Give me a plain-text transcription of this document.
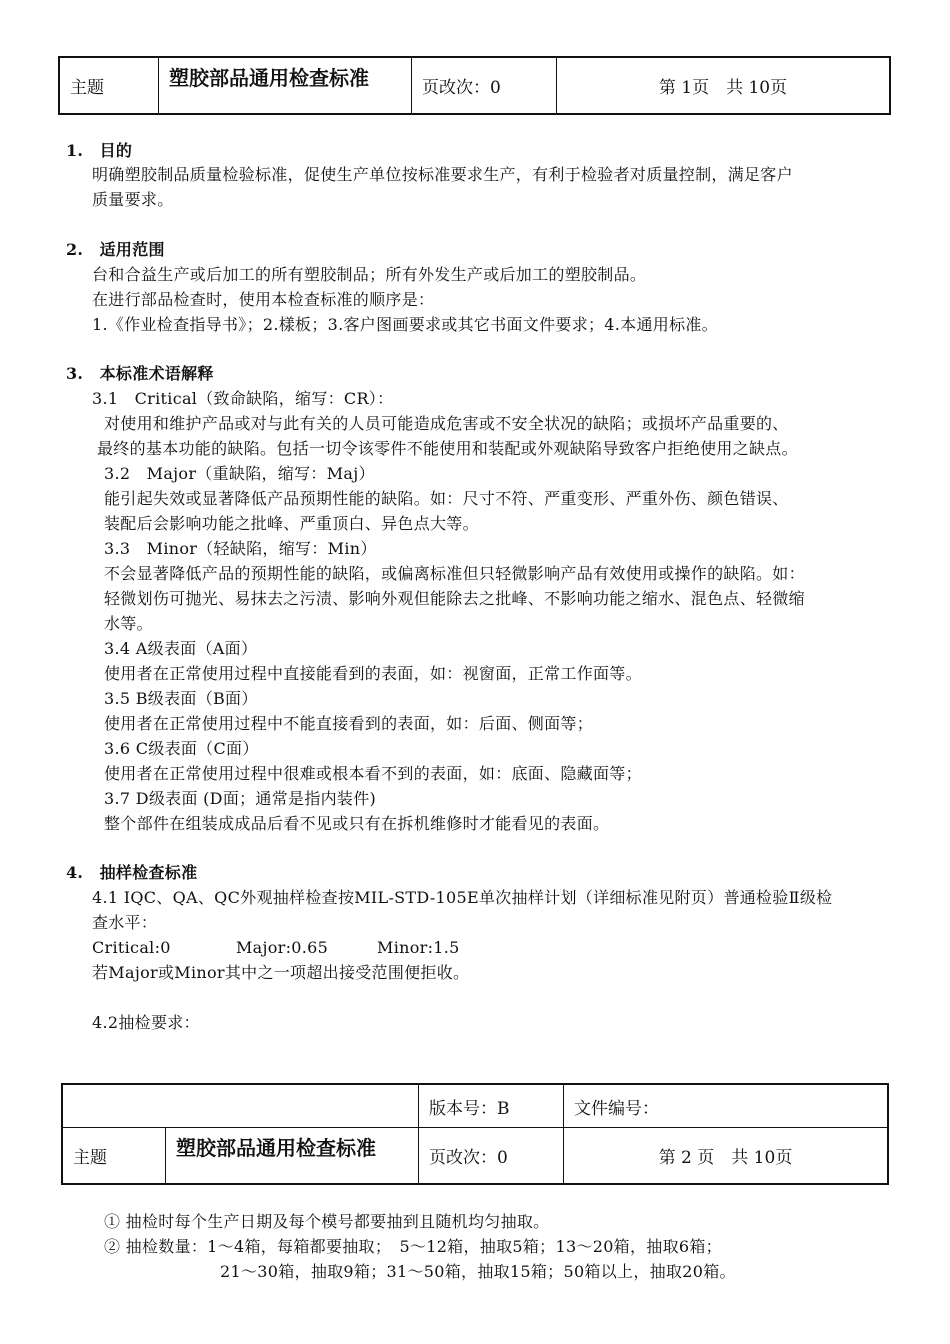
主题	塑胶部品通用检查标准	页改次：0	第 1页　共 10页
1.　目的
明确塑胶制品质量检验标准，促使生产单位按标准要求生产，有利于检验者对质量控制，满足客户
质量要求。
2.　适用范围
台和合益生产或后加工的所有塑胶制品；所有外发生产或后加工的塑胶制品。
在进行部品检查时，使用本检查标准的顺序是：
1.《作业检查指导书》；2.樣板；3.客户图画要求或其它书面文件要求；4.本通用标准。
3.　本标准术语解释
3.1　Critical（致命缺陷，缩写：CR）：
对使用和维护产品或对与此有关的人员可能造成危害或不安全状况的缺陷；或损坏产品重要的、
最终的基本功能的缺陷。包括一切令该零件不能使用和装配或外观缺陷导致客户拒绝使用之缺点。
3.2　Major（重缺陷，缩写：Maj）
能引起失效或显著降低产品预期性能的缺陷。如：尺寸不符、严重变形、严重外伤、颜色错误、
装配后会影响功能之批峰、严重顶白、异色点大等。
3.3　Minor（轻缺陷，缩写：Min）
不会显著降低产品的预期性能的缺陷，或偏离标准但只轻微影响产品有效使用或操作的缺陷。如：
轻微划伤可抛光、易抹去之污渍、影响外观但能除去之批峰、不影响功能之缩水、混色点、轻微缩
水等。
3.4 A级表面（A面）
使用者在正常使用过程中直接能看到的表面，如：视窗面，正常工作面等。
3.5 B级表面（B面）
使用者在正常使用过程中不能直接看到的表面，如：后面、侧面等；
3.6 C级表面（C面）
使用者在正常使用过程中很难或根本看不到的表面，如：底面、隐藏面等；
3.7 D级表面 (D面；通常是指内装件)
整个部件在组装成成品后看不见或只有在拆机维修时才能看见的表面。
4.　抽样检查标准
4.1 IQC、QA、QC外观抽样检查按MIL-STD-105E单次抽样计划（详细标准见附页）普通检验Ⅱ级检
查水平：
Critical:0　　　　Major:0.65　　　Minor:1.5
若Major或Minor其中之一项超出接受范围便拒收。
4.2抽检要求：
		版本号：B	文件编号：
主题	塑胶部品通用检查标准	页改次：0	第 2 页　共 10页
① 抽检时每个生产日期及每个模号都要抽到且随机均匀抽取。
② 抽检数量：1～4箱，每箱都要抽取；　5～12箱，抽取5箱；13～20箱，抽取6箱；
21～30箱，抽取9箱；31～50箱，抽取15箱；50箱以上，抽取20箱。
